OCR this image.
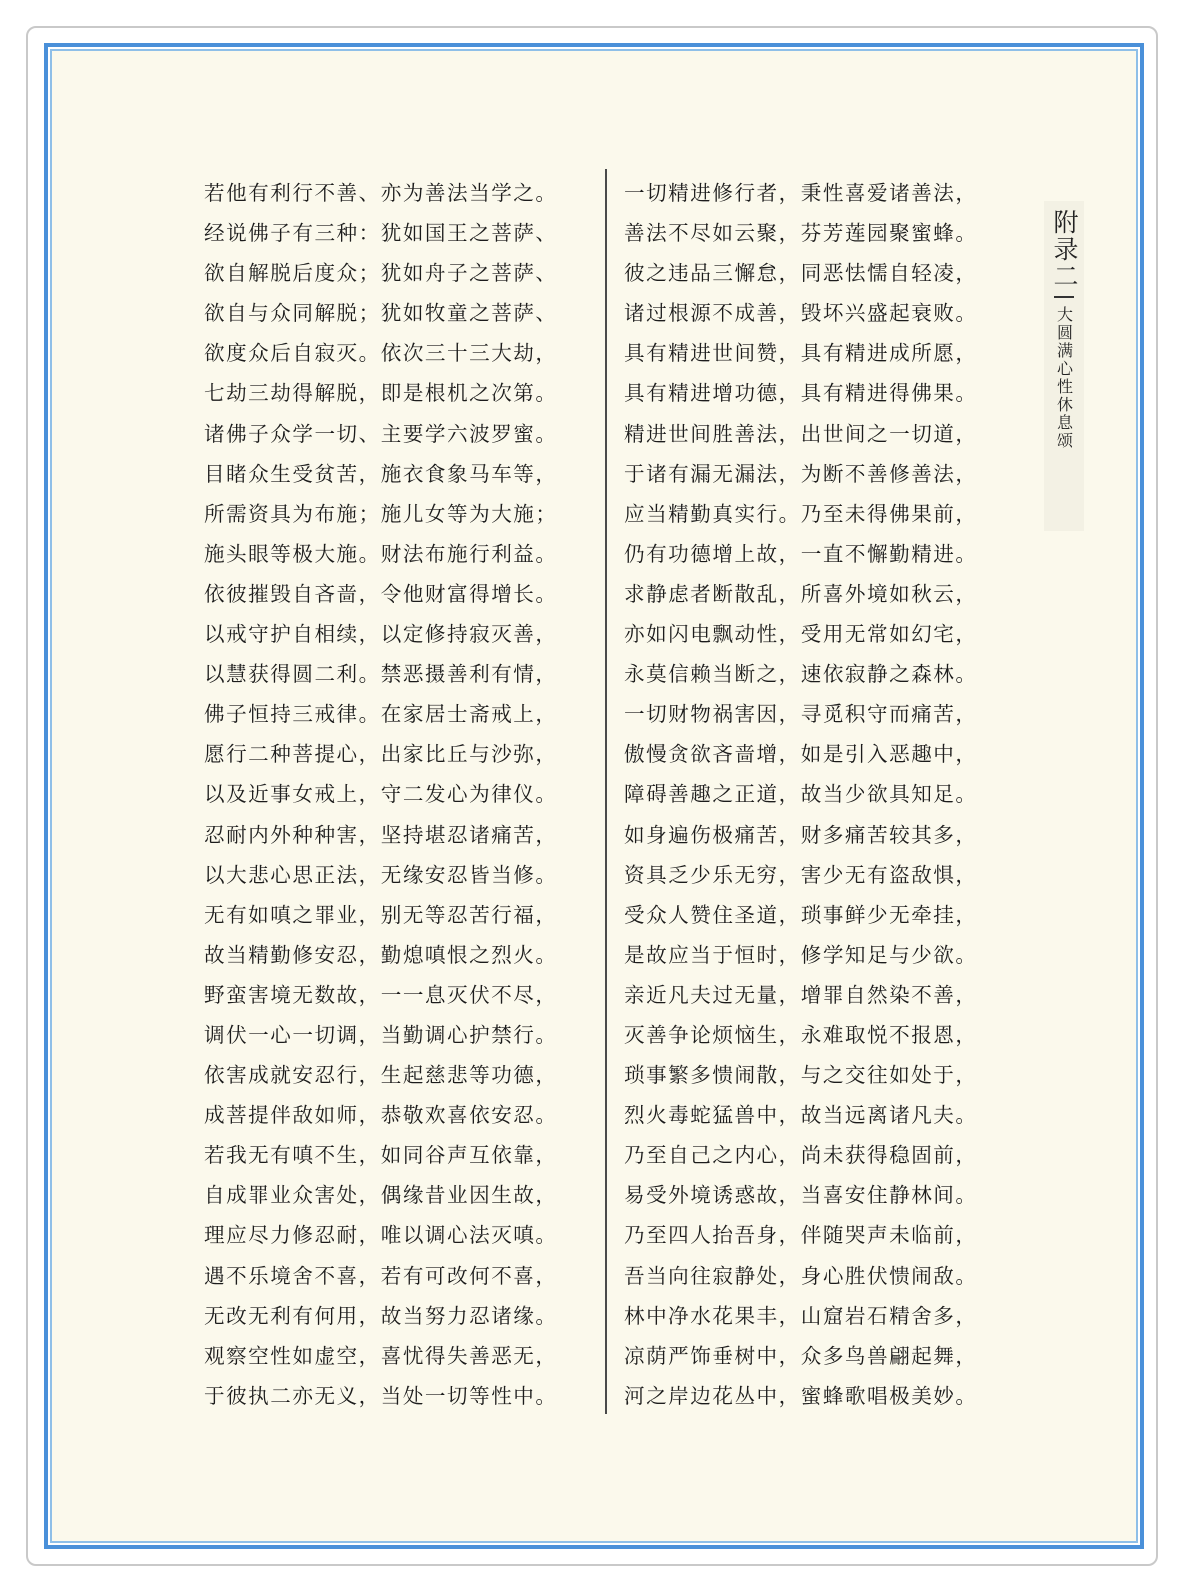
若他有利行不善、亦为善法当学之。
经说佛子有三种：犹如国王之菩萨、
欲自解脱后度众；犹如舟子之菩萨、
欲自与众同解脱；犹如牧童之菩萨、
欲度众后自寂灭。依次三十三大劫，
七劫三劫得解脱，即是根机之次第。
诸佛子众学一切、主要学六波罗蜜。
目睹众生受贫苦，施衣食象马车等，
所需资具为布施；施儿女等为大施；
施头眼等极大施。财法布施行利益。
依彼摧毁自吝啬，令他财富得增长。
以戒守护自相续，以定修持寂灭善，
以慧获得圆二利。禁恶摄善利有情，
佛子恒持三戒律。在家居士斋戒上，
愿行二种菩提心，出家比丘与沙弥，
以及近事女戒上，守二发心为律仪。
忍耐内外种种害，坚持堪忍诸痛苦，
以大悲心思正法，无缘安忍皆当修。
无有如嗔之罪业，别无等忍苦行福，
故当精勤修安忍，勤熄嗔恨之烈火。
野蛮害境无数故，一一息灭伏不尽，
调伏一心一切调，当勤调心护禁行。
依害成就安忍行，生起慈悲等功德，
成菩提伴敌如师，恭敬欢喜依安忍。
若我无有嗔不生，如同谷声互依靠，
自成罪业众害处，偶缘昔业因生故，
理应尽力修忍耐，唯以调心法灭嗔。
遇不乐境舍不喜，若有可改何不喜，
无改无利有何用，故当努力忍诸缘。
观察空性如虚空，喜忧得失善恶无，
于彼执二亦无义，当处一切等性中。
一切精进修行者，秉性喜爱诸善法，
善法不尽如云聚，芬芳莲园聚蜜蜂。
彼之违品三懈怠，同恶怯懦自轻凌，
诸过根源不成善，毁坏兴盛起衰败。
具有精进世间赞，具有精进成所愿，
具有精进增功德，具有精进得佛果。
精进世间胜善法，出世间之一切道，
于诸有漏无漏法，为断不善修善法，
应当精勤真实行。乃至未得佛果前，
仍有功德增上故，一直不懈勤精进。
求静虑者断散乱，所喜外境如秋云，
亦如闪电飘动性，受用无常如幻宅，
永莫信赖当断之，速依寂静之森林。
一切财物祸害因，寻觅积守而痛苦，
傲慢贪欲吝啬增，如是引入恶趣中，
障碍善趣之正道，故当少欲具知足。
如身遍伤极痛苦，财多痛苦较其多，
资具乏少乐无穷，害少无有盗敌惧，
受众人赞住圣道，琐事鲜少无牵挂，
是故应当于恒时，修学知足与少欲。
亲近凡夫过无量，增罪自然染不善，
灭善争论烦恼生，永难取悦不报恩，
琐事繁多愦闹散，与之交往如处于，
烈火毒蛇猛兽中，故当远离诸凡夫。
乃至自己之内心，尚未获得稳固前，
易受外境诱惑故，当喜安住静林间。
乃至四人抬吾身，伴随哭声未临前，
吾当向往寂静处，身心胜伏愦闹敌。
林中净水花果丰，山窟岩石精舍多，
凉荫严饰垂树中，众多鸟兽翩起舞，
河之岸边花丛中，蜜蜂歌唱极美妙。
附录二
大圆满心性休息颂
